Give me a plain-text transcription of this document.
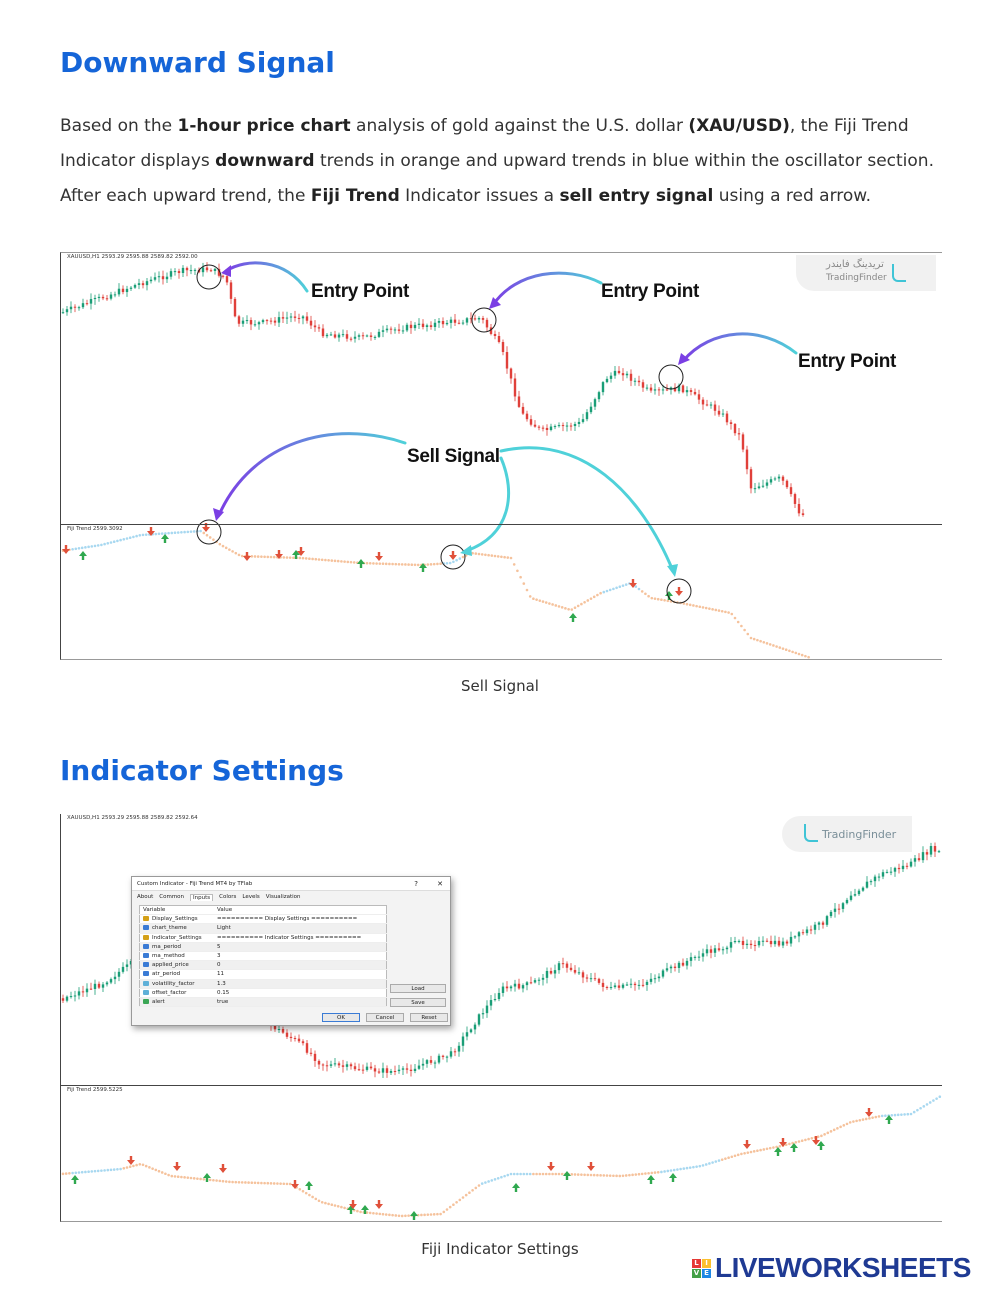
Downward Signal

Based on the 1-hour price chart analysis of gold against the U.S. dollar (XAU/USD), the Fiji Trend Indicator displays downward trends in orange and upward trends in blue within the oscillator section. After each upward trend, the Fiji Trend Indicator issues a sell entry signal using a red arrow.

XAUUSD,H1 2593.29 2595.88 2589.82 2592.00
Fiji Trend 2599.3092
تریدینگ فایندر
TradingFinder
Entry Point	Entry Point
Entry Point
Sell Signal
Sell Signal
Indicator Settings
XAUUSD,H1 2593.29 2595.88 2589.82 2592.64
Fiji Trend 2599.5225
TradingFinder
Custom Indicator - Fiji Trend MT4 by TFlab	?	✕
About Common	Inputs	Colors Levels Visualization
Variable	Value
Display_Settings	========== Display Settings ==========
chart_theme	Light
Indicator_Settings	========== Indicator Settings ==========
ma_period	5
ma_method	3
applied_price	0
atr_period	11
volatility_factor	1.3
offset_factor	0.15
alert	true
Load
Save
OK	Cancel	Reset
Fiji Indicator Settings
L I
V E LIVEWORKSHEETS
